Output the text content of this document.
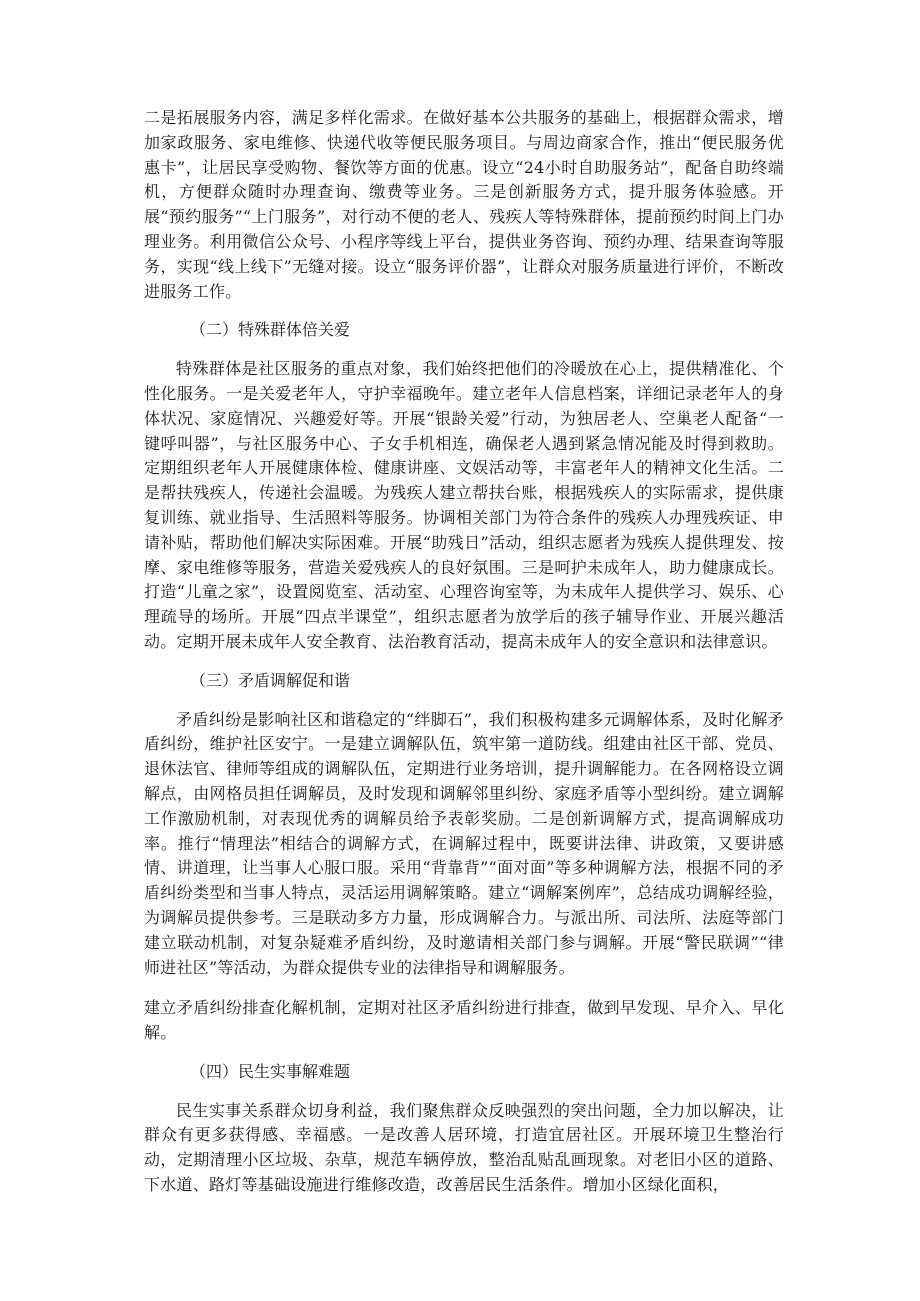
二是拓展服务内容，满足多样化需求。在做好基本公共服务的基础上，根据群众需求，增加家政服务、家电维修、快递代收等便民服务项目。与周边商家合作，推出“便民服务优惠卡”，让居民享受购物、餐饮等方面的优惠。设立“24小时自助服务站”，配备自助终端机，方便群众随时办理查询、缴费等业务。三是创新服务方式，提升服务体验感。开展“预约服务”“上门服务”，对行动不便的老人、残疾人等特殊群体，提前预约时间上门办理业务。利用微信公众号、小程序等线上平台，提供业务咨询、预约办理、结果查询等服务，实现“线上线下”无缝对接。设立“服务评价器”，让群众对服务质量进行评价，不断改进服务工作。

（二）特殊群体倍关爱

特殊群体是社区服务的重点对象，我们始终把他们的冷暖放在心上，提供精准化、个性化服务。一是关爱老年人，守护幸福晚年。建立老年人信息档案，详细记录老年人的身体状况、家庭情况、兴趣爱好等。开展“银龄关爱”行动，为独居老人、空巢老人配备“一键呼叫器”，与社区服务中心、子女手机相连，确保老人遇到紧急情况能及时得到救助。定期组织老年人开展健康体检、健康讲座、文娱活动等，丰富老年人的精神文化生活。二是帮扶残疾人，传递社会温暖。为残疾人建立帮扶台账，根据残疾人的实际需求，提供康复训练、就业指导、生活照料等服务。协调相关部门为符合条件的残疾人办理残疾证、申请补贴，帮助他们解决实际困难。开展“助残日”活动，组织志愿者为残疾人提供理发、按摩、家电维修等服务，营造关爱残疾人的良好氛围。三是呵护未成年人，助力健康成长。打造“儿童之家”，设置阅览室、活动室、心理咨询室等，为未成年人提供学习、娱乐、心理疏导的场所。开展“四点半课堂”，组织志愿者为放学后的孩子辅导作业、开展兴趣活动。定期开展未成年人安全教育、法治教育活动，提高未成年人的安全意识和法律意识。

（三）矛盾调解促和谐

矛盾纠纷是影响社区和谐稳定的“绊脚石”，我们积极构建多元调解体系，及时化解矛盾纠纷，维护社区安宁。一是建立调解队伍，筑牢第一道防线。组建由社区干部、党员、退休法官、律师等组成的调解队伍，定期进行业务培训，提升调解能力。在各网格设立调解点，由网格员担任调解员，及时发现和调解邻里纠纷、家庭矛盾等小型纠纷。建立调解工作激励机制，对表现优秀的调解员给予表彰奖励。二是创新调解方式，提高调解成功率。推行“情理法”相结合的调解方式，在调解过程中，既要讲法律、讲政策，又要讲感情、讲道理，让当事人心服口服。采用“背靠背”“面对面”等多种调解方法，根据不同的矛盾纠纷类型和当事人特点，灵活运用调解策略。建立“调解案例库”，总结成功调解经验，为调解员提供参考。三是联动多方力量，形成调解合力。与派出所、司法所、法庭等部门建立联动机制，对复杂疑难矛盾纠纷，及时邀请相关部门参与调解。开展“警民联调”“律师进社区”等活动，为群众提供专业的法律指导和调解服务。

建立矛盾纠纷排查化解机制，定期对社区矛盾纠纷进行排查，做到早发现、早介入、早化解。

（四）民生实事解难题

民生实事关系群众切身利益，我们聚焦群众反映强烈的突出问题，全力加以解决，让群众有更多获得感、幸福感。一是改善人居环境，打造宜居社区。开展环境卫生整治行动，定期清理小区垃圾、杂草，规范车辆停放，整治乱贴乱画现象。对老旧小区的道路、下水道、路灯等基础设施进行维修改造，改善居民生活条件。增加小区绿化面积，
